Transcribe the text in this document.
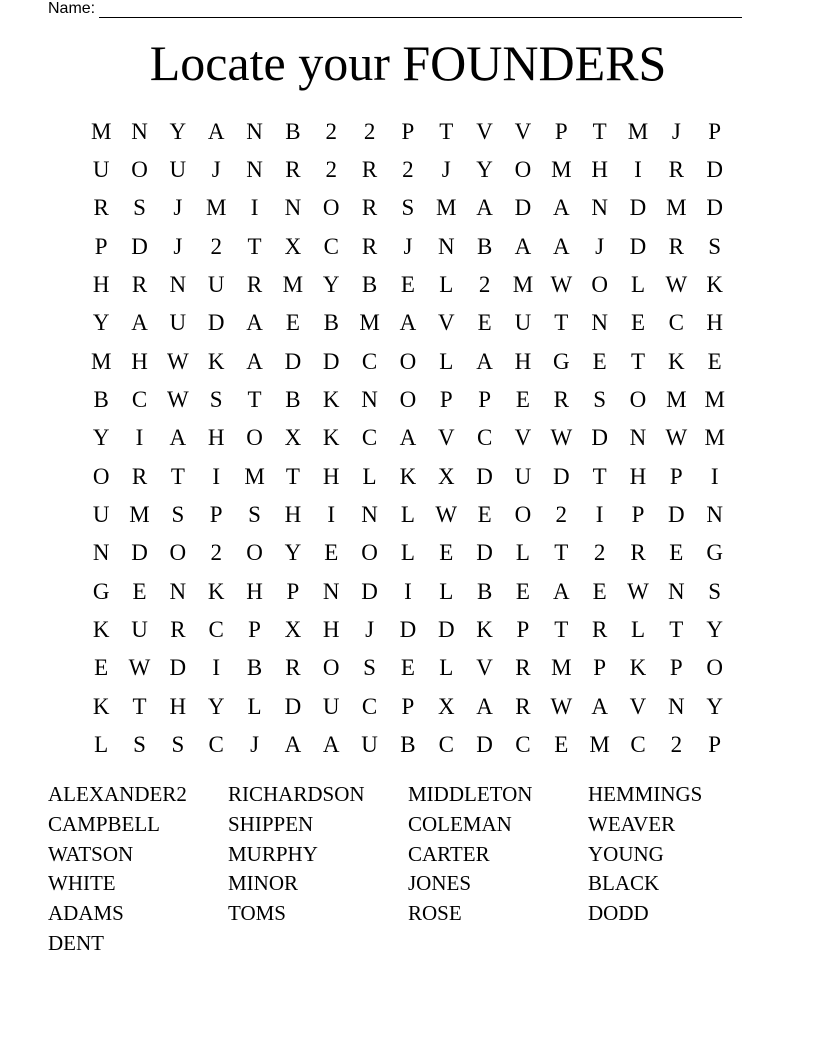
Name:
Locate your FOUNDERS
M N Y A N B	2	2	P	T	V V	P	T M	J	P
U O U	J	N R	2	R	2	J	Y O M H	I	R D
R	S	J	M	I	N O R	S M A D A N D M D
P	D	J	2	T	X C	R	J	N B A A	J	D R	S
H R N U R M Y B	E	L	2 M W O	L W K
Y A U D A	E	B M A V	E	U	T	N	E	C H
M H W K A D D C O	L	A H G	E	T	K	E
B	C W S	T	B K N O	P	P	E	R	S	O M M
Y	I	A H O X K C A V C V W D N W M
O R	T	I	M T	H	L	K X D U D	T	H	P	I
U M S	P	S	H	I	N	L W E	O	2	I	P	D N
N D O	2	O Y	E	O	L	E	D	L	T	2	R	E	G
G	E	N K H	P	N D	I	L	B	E	A	E W N	S
K U R	C	P	X H	J	D D K	P	T	R	L	T	Y
E W D	I	B	R O	S	E	L	V R M P	K	P	O
K	T	H Y	L	D U C	P	X A R W A V N Y
L	S	S	C	J	A A U B	C D C	E M C	2	P
ALEXANDER2	RICHARDSON	MIDDLETON	HEMMINGS
CAMPBELL	SHIPPEN	COLEMAN	WEAVER
WATSON	MURPHY	CARTER	YOUNG
WHITE	MINOR	JONES	BLACK
ADAMS	TOMS	ROSE	DODD
DENT
